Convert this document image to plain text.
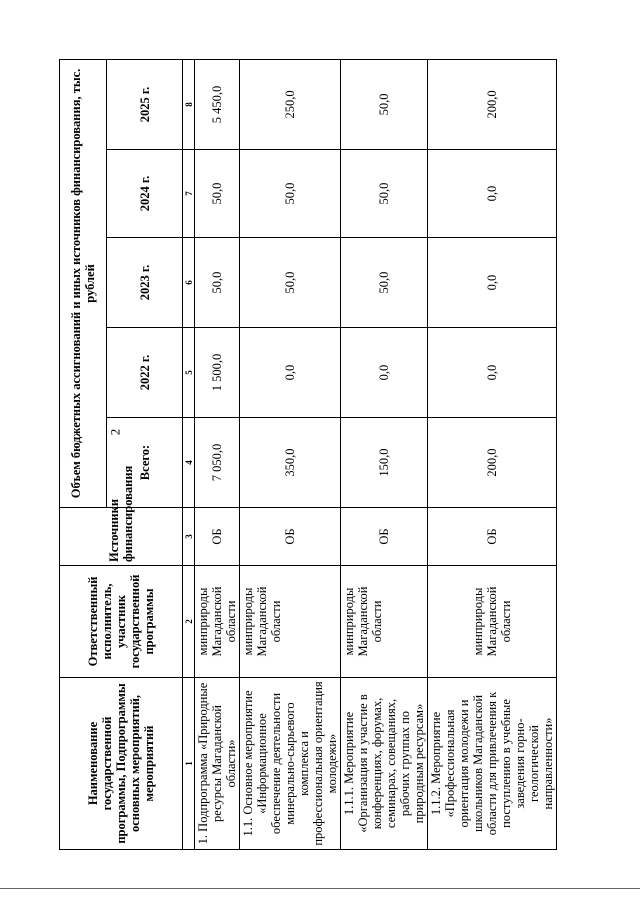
2
Наименование государственной программы, Подпрограммы основных мероприятий, мероприятий	Ответственный исполнитель, участник государственной программы	Источники финансирования	Объем бюджетных ассигнований и иных источников финансирования, тыс. рублей				
			Всего:	2022 г.	2023 г.	2024 г.	2025 г.
1	2	3	4	5	6	7	8
1. Подпрограмма «Природные ресурсы Магаданской области»	минприроды Магаданской области	ОБ	7 050,0	1 500,0	50,0	50,0	5 450,0
1.1. Основное мероприятие «Информационное обеспечение деятельности минерально-сырьевого комплекса и профессиональная ориентация молодежи»	минприроды Магаданской области	ОБ	350,0	0,0	50,0	50,0	250,0
1.1.1. Мероприятие «Организация и участие в конференциях, форумах, семинарах, совещаниях, рабочих группах по природным ресурсам»	минприроды Магаданской области	ОБ	150,0	0,0	50,0	50,0	50,0
1.1.2. Мероприятие «Профессиональная ориентация молодежи и школьников Магаданской области для привлечения к поступлению в учебные заведения горно-геологической направленности»	минприроды Магаданской области	ОБ	200,0	0,0	0,0	0,0	200,0
